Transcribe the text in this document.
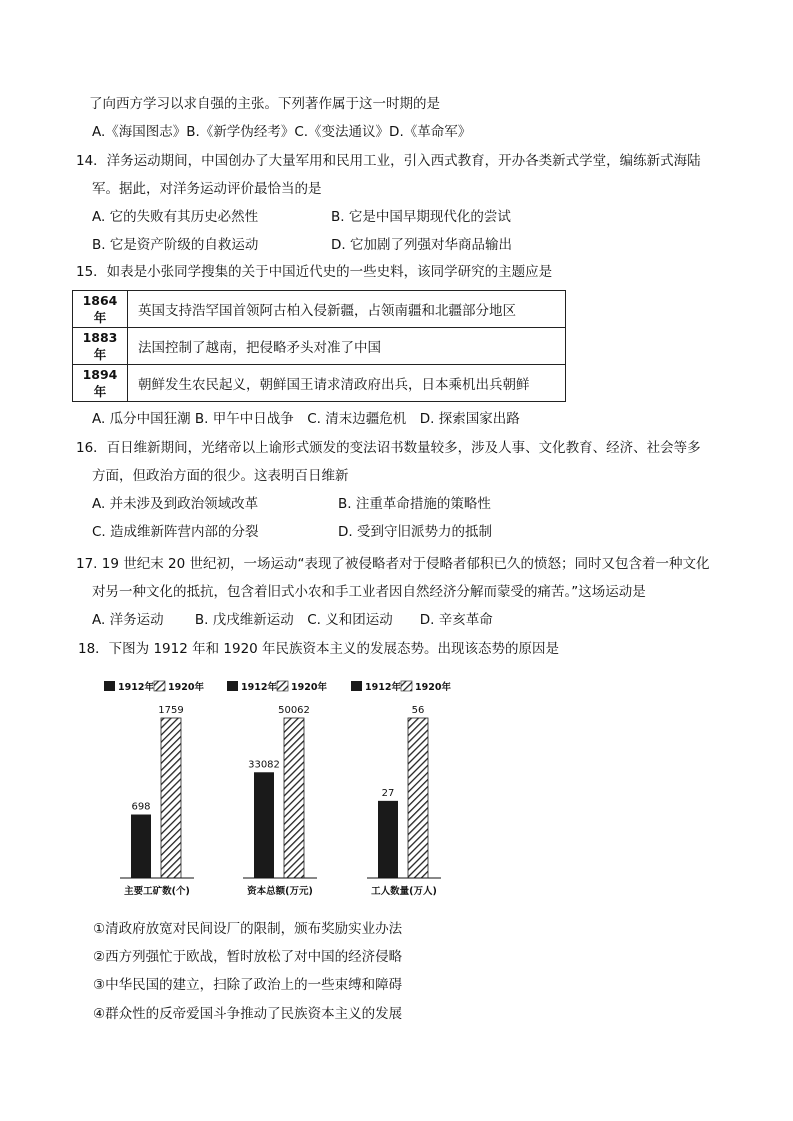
了向西方学习以求自强的主张。下列著作属于这一时期的是
A.《海国图志》B.《新学伪经考》C.《变法通议》D.《革命军》
14．洋务运动期间，中国创办了大量军用和民用工业，引入西式教育，开办各类新式学堂，编练新式海陆
军。据此，对洋务运动评价最恰当的是
A. 它的失败有其历史必然性	B. 它是中国早期现代化的尝试
B. 它是资产阶级的自救运动	D. 它加剧了列强对华商品输出
15．如表是小张同学搜集的关于中国近代史的一些史料，该同学研究的主题应是
1864 年	英国支持浩罕国首领阿古柏入侵新疆，占领南疆和北疆部分地区
1883 年	法国控制了越南，把侵略矛头对准了中国
1894 年	朝鲜发生农民起义，朝鲜国王请求清政府出兵，日本乘机出兵朝鲜
A. 瓜分中国狂潮 B. 甲午中日战争　C. 清末边疆危机　D. 探索国家出路
16．百日维新期间，光绪帝以上谕形式颁发的变法诏书数量较多，涉及人事、文化教育、经济、社会等多
方面，但政治方面的很少。这表明百日维新
A. 并未涉及到政治领域改革	B. 注重革命措施的策略性
C. 造成维新阵营内部的分裂	D. 受到守旧派势力的抵制
17. 19 世纪末 20 世纪初，一场运动“表现了被侵略者对于侵略者郁积已久的愤怒；同时又包含着一种文化
对另一种文化的抵抗，包含着旧式小农和手工业者因自然经济分解而蒙受的痛苦。”这场运动是
A. 洋务运动　　 B. 戊戌维新运动　C. 义和团运动　　D. 辛亥革命
18．下图为 1912 年和 1920 年民族资本主义的发展态势。出现该态势的原因是
1912年 1920年
698
1759
主要工矿数(个)
1912年 1920年
33082
50062
资本总额(万元)
1912年 1920年
27
56
工人数量(万人)
①清政府放宽对民间设厂的限制，颁布奖励实业办法
②西方列强忙于欧战，暂时放松了对中国的经济侵略
③中华民国的建立，扫除了政治上的一些束缚和障碍
④群众性的反帝爱国斗争推动了民族资本主义的发展
